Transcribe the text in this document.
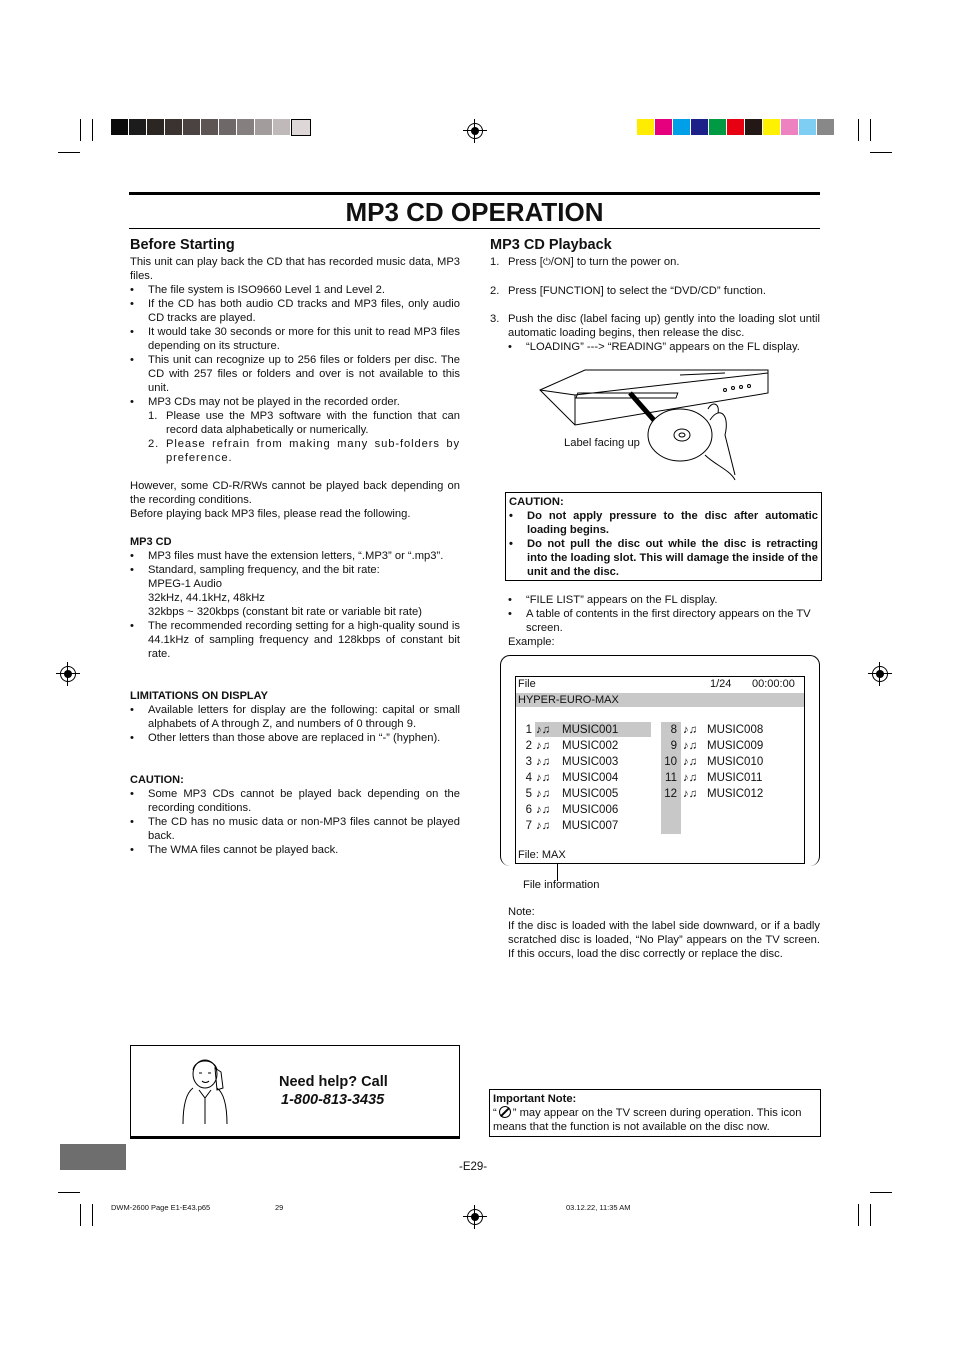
MP3 CD OPERATION
Before Starting
This unit can play back the CD that has recorded music data, MP3 files.
• The file system is ISO9660 Level 1 and Level 2.
• If the CD has both audio CD tracks and MP3 files, only audio CD tracks are played.
• It would take 30 seconds or more for this unit to read MP3 files depending on its structure.
• This unit can recognize up to 256 files or folders per disc. The CD with 257 files or folders and over is not available to this unit.
• MP3 CDs may not be played in the recorded order.
1. Please use the MP3 software with the function that can record data alphabetically or numerically.
2. Please refrain from making many sub-folders by preference.
However, some CD-R/RWs cannot be played back depending on the recording conditions.
Before playing back MP3 files, please read the following.
MP3 CD
• MP3 files must have the extension letters, “.MP3” or “.mp3”.
• Standard, sampling frequency, and the bit rate:
MPEG-1 Audio
32kHz, 44.1kHz, 48kHz
32kbps ~ 320kbps (constant bit rate or variable bit rate)
• The recommended recording setting for a high-quality sound is 44.1kHz of sampling frequency and 128kbps of constant bit rate.
LIMITATIONS ON DISPLAY
• Available letters for display are the following: capital or small alphabets of A through Z, and numbers of 0 through 9.
• Other letters than those above are replaced in “-” (hyphen).
CAUTION:
• Some MP3 CDs cannot be played back depending on the recording conditions.
• The CD has no music data or non-MP3 files cannot be played back.
• The WMA files cannot be played back.
MP3 CD Playback
1. Press [⏻/ON] to turn the power on.
2. Press [FUNCTION] to select the “DVD/CD” function.
3. Push the disc (label facing up) gently into the loading slot until automatic loading begins, then release the disc.
• “LOADING” ---> “READING” appears on the FL display.
Label facing up
CAUTION:
• Do not apply pressure to the disc after automatic loading begins.
• Do not pull the disc out while the disc is retracting into the loading slot. This will damage the inside of the unit and the disc.
• “FILE LIST” appears on the FL display.
• A table of contents in the first directory appears on the TV screen.
Example:
File	1/24 00:00:00
HYPER-EURO-MAX
1 ♪♫ MUSIC001
2 ♪♫ MUSIC002
3 ♪♫ MUSIC003
4 ♪♫ MUSIC004
5 ♪♫ MUSIC005
6 ♪♫ MUSIC006
7 ♪♫ MUSIC007
8 ♪♫ MUSIC008
9 ♪♫ MUSIC009
10 ♪♫ MUSIC010
11 ♪♫ MUSIC011
12 ♪♫ MUSIC012
File: MAX
File information
Note:
If the disc is loaded with the label side downward, or if a badly scratched disc is loaded, “No Play” appears on the TV screen. If this occurs, load the disc correctly or replace the disc.
Need help? Call
1-800-813-3435	Important Note:
“ ” may appear on the TV screen during operation. This icon means that the function is not available on the disc now.
-E29-
DWM-2600 Page E1-E43.p65	29	03.12.22, 11:35 AM
